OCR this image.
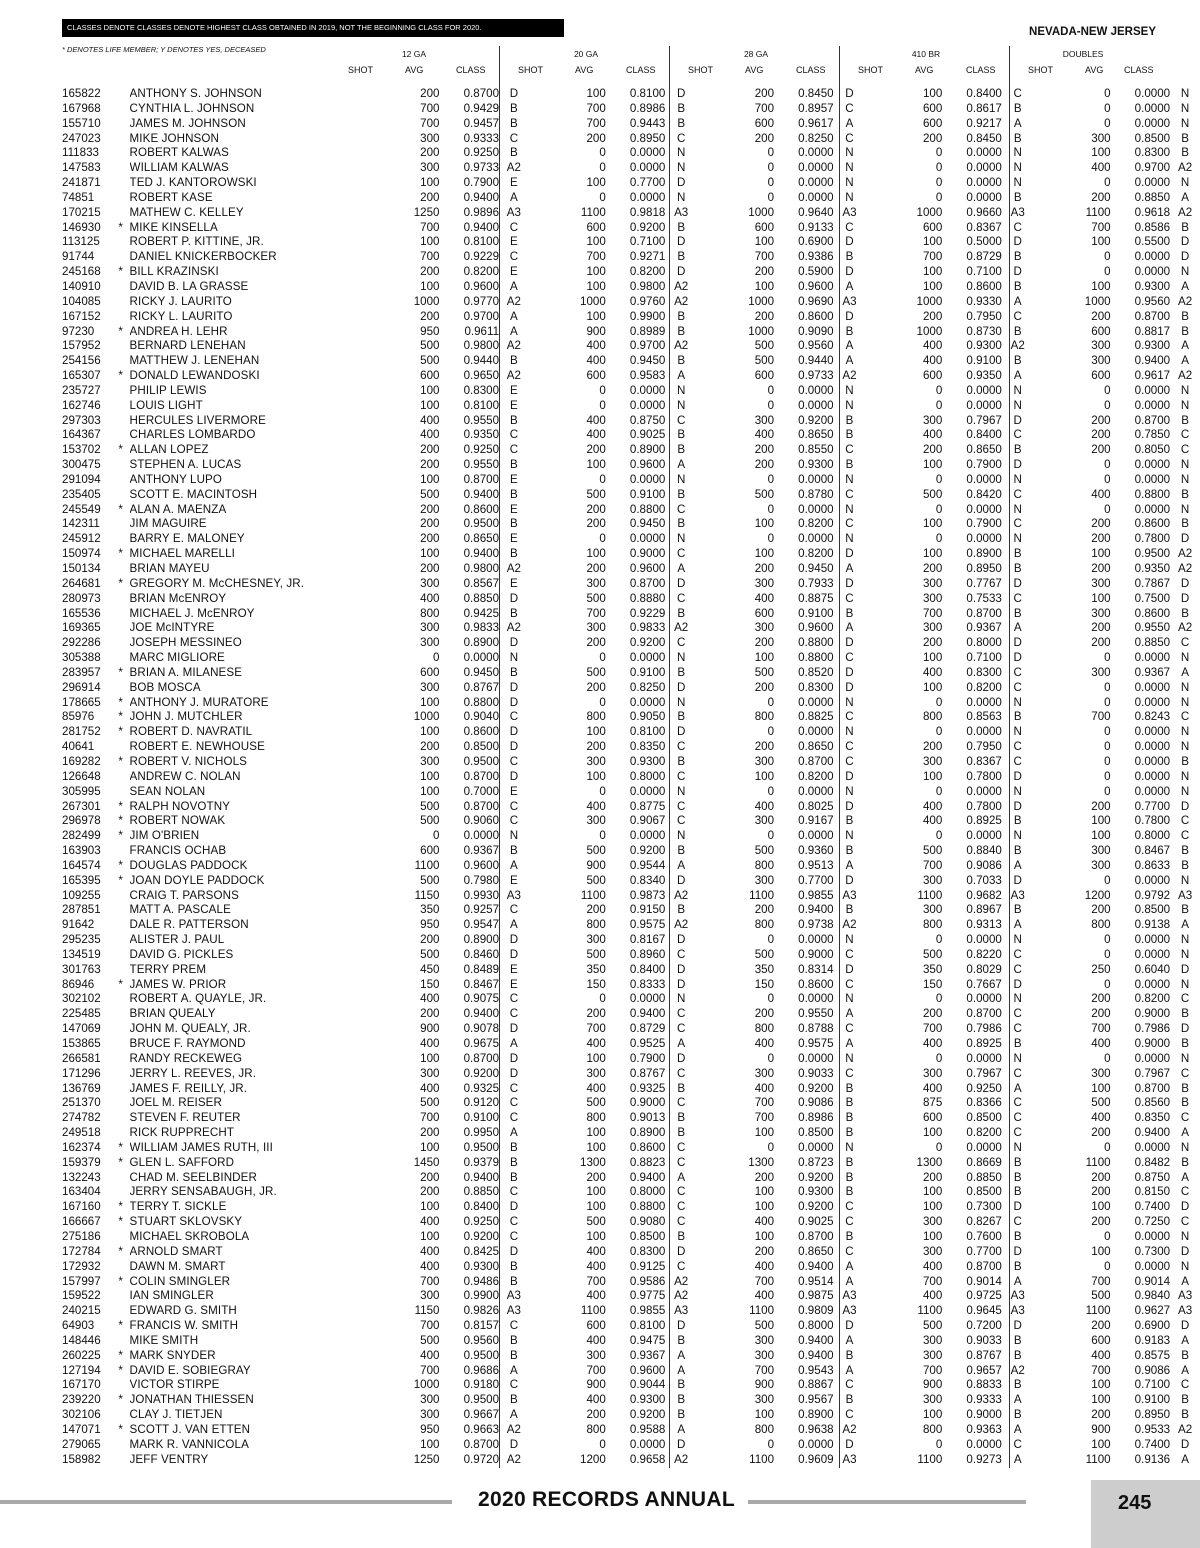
CLASSES DENOTE CLASSES DENOTE HIGHEST CLASS OBTAINED IN 2019, NOT THE BEGINNING CLASS FOR 2020.	NEVADA-NEW JERSEY
* DENOTES LIFE MEMBER; Y DENOTES YES, DECEASED	12 GA	20 GA	28 GA	410 BR	DOUBLES
SHOT	AVG	CLASS	SHOT	AVG	CLASS	SHOT	AVG	CLASS	SHOT	AVG	CLASS	SHOT	AVG CLASS
165822		ANTHONY S. JOHNSON	200	0.8700	D	100	0.8100	D	200	0.8450	D	100	0.8400	C	0	0.0000	N
167968		CYNTHIA L. JOHNSON	700	0.9429	B	700	0.8986	B	700	0.8957	C	600	0.8617	B	0	0.0000	N
155710		JAMES M. JOHNSON	700	0.9457	B	700	0.9443	B	600	0.9617	A	600	0.9217	A	0	0.0000	N
247023		MIKE JOHNSON	300	0.9333	C	200	0.8950	C	200	0.8250	C	200	0.8450	B	300	0.8500	B
111833		ROBERT KALWAS	200	0.9250	B	0	0.0000	N	0	0.0000	N	0	0.0000	N	100	0.8300	B
147583		WILLIAM KALWAS	300	0.9733	A2	0	0.0000	N	0	0.0000	N	0	0.0000	N	400	0.9700	A2
241871		TED J. KANTOROWSKI	100	0.7900	E	100	0.7700	D	0	0.0000	N	0	0.0000	N	0	0.0000	N
74851		ROBERT KASE	200	0.9400	A	0	0.0000	N	0	0.0000	N	0	0.0000	B	200	0.8850	A
170215		MATHEW C. KELLEY	1250	0.9896	A3	1100	0.9818	A3	1000	0.9640	A3	1000	0.9660	A3	1100	0.9618	A2
146930	*	MIKE KINSELLA	700	0.9400	C	600	0.9200	B	600	0.9133	C	600	0.8367	C	700	0.8586	B
113125		ROBERT P. KITTINE, JR.	100	0.8100	E	100	0.7100	D	100	0.6900	D	100	0.5000	D	100	0.5500	D
91744		DANIEL KNICKERBOCKER	700	0.9229	C	700	0.9271	B	700	0.9386	B	700	0.8729	B	0	0.0000	D
245168	*	BILL KRAZINSKI	200	0.8200	E	100	0.8200	D	200	0.5900	D	100	0.7100	D	0	0.0000	N
140910		DAVID B. LA GRASSE	100	0.9600	A	100	0.9800	A2	100	0.9600	A	100	0.8600	B	100	0.9300	A
104085		RICKY J. LAURITO	1000	0.9770	A2	1000	0.9760	A2	1000	0.9690	A3	1000	0.9330	A	1000	0.9560	A2
167152		RICKY L. LAURITO	200	0.9700	A	100	0.9900	B	200	0.8600	D	200	0.7950	C	200	0.8700	B
97230	*	ANDREA H. LEHR	950	0.9611	A	900	0.8989	B	1000	0.9090	B	1000	0.8730	B	600	0.8817	B
157952		BERNARD LENEHAN	500	0.9800	A2	400	0.9700	A2	500	0.9560	A	400	0.9300	A2	300	0.9300	A
254156		MATTHEW J. LENEHAN	500	0.9440	B	400	0.9450	B	500	0.9440	A	400	0.9100	B	300	0.9400	A
165307	*	DONALD LEWANDOSKI	600	0.9650	A2	600	0.9583	A	600	0.9733	A2	600	0.9350	A	600	0.9617	A2
235727		PHILIP LEWIS	100	0.8300	E	0	0.0000	N	0	0.0000	N	0	0.0000	N	0	0.0000	N
162746		LOUIS LIGHT	100	0.8100	E	0	0.0000	N	0	0.0000	N	0	0.0000	N	0	0.0000	N
297303		HERCULES LIVERMORE	400	0.9550	B	400	0.8750	C	300	0.9200	B	300	0.7967	D	200	0.8700	B
164367		CHARLES LOMBARDO	400	0.9350	C	400	0.9025	B	400	0.8650	B	400	0.8400	C	200	0.7850	C
153702	*	ALLAN LOPEZ	200	0.9250	C	200	0.8900	B	200	0.8550	C	200	0.8650	B	200	0.8050	C
300475		STEPHEN A. LUCAS	200	0.9550	B	100	0.9600	A	200	0.9300	B	100	0.7900	D	0	0.0000	N
291094		ANTHONY LUPO	100	0.8700	E	0	0.0000	N	0	0.0000	N	0	0.0000	N	0	0.0000	N
235405		SCOTT E. MACINTOSH	500	0.9400	B	500	0.9100	B	500	0.8780	C	500	0.8420	C	400	0.8800	B
245549	*	ALAN A. MAENZA	200	0.8600	E	200	0.8800	C	0	0.0000	N	0	0.0000	N	0	0.0000	N
142311		JIM MAGUIRE	200	0.9500	B	200	0.9450	B	100	0.8200	C	100	0.7900	C	200	0.8600	B
245912		BARRY E. MALONEY	200	0.8650	E	0	0.0000	N	0	0.0000	N	0	0.0000	N	200	0.7800	D
150974	*	MICHAEL MARELLI	100	0.9400	B	100	0.9000	C	100	0.8200	D	100	0.8900	B	100	0.9500	A2
150134		BRIAN MAYEU	200	0.9800	A2	200	0.9600	A	200	0.9450	A	200	0.8950	B	200	0.9350	A2
264681	*	GREGORY M. McCHESNEY, JR.	300	0.8567	E	300	0.8700	D	300	0.7933	D	300	0.7767	D	300	0.7867	D
280973		BRIAN McENROY	400	0.8850	D	500	0.8880	C	400	0.8875	C	300	0.7533	C	100	0.7500	D
165536		MICHAEL J. McENROY	800	0.9425	B	700	0.9229	B	600	0.9100	B	700	0.8700	B	300	0.8600	B
169365		JOE McINTYRE	300	0.9833	A2	300	0.9833	A2	300	0.9600	A	300	0.9367	A	200	0.9550	A2
292286		JOSEPH MESSINEO	300	0.8900	D	200	0.9200	C	200	0.8800	D	200	0.8000	D	200	0.8850	C
305388		MARC MIGLIORE	0	0.0000	N	0	0.0000	N	100	0.8800	C	100	0.7100	D	0	0.0000	N
283957	*	BRIAN A. MILANESE	600	0.9450	B	500	0.9100	B	500	0.8520	D	400	0.8300	C	300	0.9367	A
296914		BOB MOSCA	300	0.8767	D	200	0.8250	D	200	0.8300	D	100	0.8200	C	0	0.0000	N
178665	*	ANTHONY J. MURATORE	100	0.8800	D	0	0.0000	N	0	0.0000	N	0	0.0000	N	0	0.0000	N
85976	*	JOHN J. MUTCHLER	1000	0.9040	C	800	0.9050	B	800	0.8825	C	800	0.8563	B	700	0.8243	C
281752	*	ROBERT D. NAVRATIL	100	0.8600	D	100	0.8100	D	0	0.0000	N	0	0.0000	N	0	0.0000	N
40641		ROBERT E. NEWHOUSE	200	0.8500	D	200	0.8350	C	200	0.8650	C	200	0.7950	C	0	0.0000	N
169282	*	ROBERT V. NICHOLS	300	0.9500	C	300	0.9300	B	300	0.8700	C	300	0.8367	C	0	0.0000	B
126648		ANDREW C. NOLAN	100	0.8700	D	100	0.8000	C	100	0.8200	D	100	0.7800	D	0	0.0000	N
305995		SEAN NOLAN	100	0.7000	E	0	0.0000	N	0	0.0000	N	0	0.0000	N	0	0.0000	N
267301	*	RALPH NOVOTNY	500	0.8700	C	400	0.8775	C	400	0.8025	D	400	0.7800	D	200	0.7700	D
296978	*	ROBERT NOWAK	500	0.9060	C	300	0.9067	C	300	0.9167	B	400	0.8925	B	100	0.7800	C
282499	*	JIM O'BRIEN	0	0.0000	N	0	0.0000	N	0	0.0000	N	0	0.0000	N	100	0.8000	C
163903		FRANCIS OCHAB	600	0.9367	B	500	0.9200	B	500	0.9360	B	500	0.8840	B	300	0.8467	B
164574	*	DOUGLAS PADDOCK	1100	0.9600	A	900	0.9544	A	800	0.9513	A	700	0.9086	A	300	0.8633	B
165395	*	JOAN DOYLE PADDOCK	500	0.7980	E	500	0.8340	D	300	0.7700	D	300	0.7033	D	0	0.0000	N
109255		CRAIG T. PARSONS	1150	0.9930	A3	1100	0.9873	A2	1100	0.9855	A3	1100	0.9682	A3	1200	0.9792	A3
287851		MATT A. PASCALE	350	0.9257	C	200	0.9150	B	200	0.9400	B	300	0.8967	B	200	0.8500	B
91642		DALE R. PATTERSON	950	0.9547	A	800	0.9575	A2	800	0.9738	A2	800	0.9313	A	800	0.9138	A
295235		ALISTER J. PAUL	200	0.8900	D	300	0.8167	D	0	0.0000	N	0	0.0000	N	0	0.0000	N
134519		DAVID G. PICKLES	500	0.8460	D	500	0.8960	C	500	0.9000	C	500	0.8220	C	0	0.0000	N
301763		TERRY PREM	450	0.8489	E	350	0.8400	D	350	0.8314	D	350	0.8029	C	250	0.6040	D
86946	*	JAMES W. PRIOR	150	0.8467	E	150	0.8333	D	150	0.8600	C	150	0.7667	D	0	0.0000	N
302102		ROBERT A. QUAYLE, JR.	400	0.9075	C	0	0.0000	N	0	0.0000	N	0	0.0000	N	200	0.8200	C
225485		BRIAN QUEALY	200	0.9400	C	200	0.9400	C	200	0.9550	A	200	0.8700	C	200	0.9000	B
147069		JOHN M. QUEALY, JR.	900	0.9078	D	700	0.8729	C	800	0.8788	C	700	0.7986	C	700	0.7986	D
153865		BRUCE F. RAYMOND	400	0.9675	A	400	0.9525	A	400	0.9575	A	400	0.8925	B	400	0.9000	B
266581		RANDY RECKEWEG	100	0.8700	D	100	0.7900	D	0	0.0000	N	0	0.0000	N	0	0.0000	N
171296		JERRY L. REEVES, JR.	300	0.9200	D	300	0.8767	C	300	0.9033	C	300	0.7967	C	300	0.7967	C
136769		JAMES F. REILLY, JR.	400	0.9325	C	400	0.9325	B	400	0.9200	B	400	0.9250	A	100	0.8700	B
251370		JOEL M. REISER	500	0.9120	C	500	0.9000	C	700	0.9086	B	875	0.8366	C	500	0.8560	B
274782		STEVEN F. REUTER	700	0.9100	C	800	0.9013	B	700	0.8986	B	600	0.8500	C	400	0.8350	C
249518		RICK RUPPRECHT	200	0.9950	A	100	0.8900	B	100	0.8500	B	100	0.8200	C	200	0.9400	A
162374	*	WILLIAM JAMES RUTH, III	100	0.9500	B	100	0.8600	C	0	0.0000	N	0	0.0000	N	0	0.0000	N
159379	*	GLEN L. SAFFORD	1450	0.9379	B	1300	0.8823	C	1300	0.8723	B	1300	0.8669	B	1100	0.8482	B
132243		CHAD M. SEELBINDER	200	0.9400	B	200	0.9400	A	200	0.9200	B	200	0.8850	B	200	0.8750	A
163404		JERRY SENSABAUGH, JR.	200	0.8850	C	100	0.8000	C	100	0.9300	B	100	0.8500	B	200	0.8150	C
167160	*	TERRY T. SICKLE	100	0.8400	D	100	0.8800	C	100	0.9200	C	100	0.7300	D	100	0.7400	D
166667	*	STUART SKLOVSKY	400	0.9250	C	500	0.9080	C	400	0.9025	C	300	0.8267	C	200	0.7250	C
275186		MICHAEL SKROBOLA	100	0.9200	C	100	0.8500	B	100	0.8700	B	100	0.7600	B	0	0.0000	N
172784	*	ARNOLD SMART	400	0.8425	D	400	0.8300	D	200	0.8650	C	300	0.7700	D	100	0.7300	D
172932		DAWN M. SMART	400	0.9300	B	400	0.9125	C	400	0.9400	A	400	0.8700	B	0	0.0000	N
157997	*	COLIN SMINGLER	700	0.9486	B	700	0.9586	A2	700	0.9514	A	700	0.9014	A	700	0.9014	A
159522		IAN SMINGLER	300	0.9900	A3	400	0.9775	A2	400	0.9875	A3	400	0.9725	A3	500	0.9840	A3
240215		EDWARD G. SMITH	1150	0.9826	A3	1100	0.9855	A3	1100	0.9809	A3	1100	0.9645	A3	1100	0.9627	A3
64903	*	FRANCIS W. SMITH	700	0.8157	C	600	0.8100	D	500	0.8000	D	500	0.7200	D	200	0.6900	D
148446		MIKE SMITH	500	0.9560	B	400	0.9475	B	300	0.9400	A	300	0.9033	B	600	0.9183	A
260225	*	MARK SNYDER	400	0.9500	B	300	0.9367	A	300	0.9400	B	300	0.8767	B	400	0.8575	B
127194	*	DAVID E. SOBIEGRAY	700	0.9686	A	700	0.9600	A	700	0.9543	A	700	0.9657	A2	700	0.9086	A
167170		VICTOR STIRPE	1000	0.9180	C	900	0.9044	B	900	0.8867	C	900	0.8833	B	100	0.7100	C
239220	*	JONATHAN THIESSEN	300	0.9500	B	400	0.9300	B	300	0.9567	B	300	0.9333	A	100	0.9100	B
302106		CLAY J. TIETJEN	300	0.9667	A	200	0.9200	B	100	0.8900	C	100	0.9000	B	200	0.8950	B
147071	*	SCOTT J. VAN ETTEN	950	0.9663	A2	800	0.9588	A	800	0.9638	A2	800	0.9363	A	900	0.9533	A2
279065		MARK R. VANNICOLA	100	0.8700	D	0	0.0000	D	0	0.0000	D	0	0.0000	C	100	0.7400	D
158982		JEFF VENTRY	1250	0.9720	A2	1200	0.9658	A2	1100	0.9609	A3	1100	0.9273	A	1100	0.9136	A
2020 RECORDS ANNUAL	245
